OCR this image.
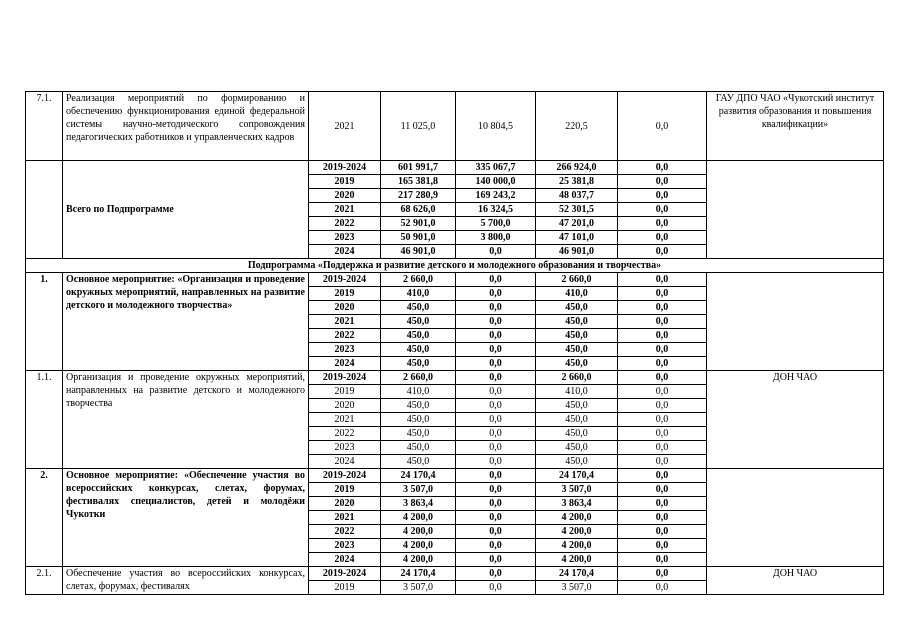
7.1.	Реализация мероприятий по формированию и обеспечению функционирования единой федеральной системы научно-методического сопровождения педагогических работников и управленческих кадров	2021	11 025,0	10 804,5	220,5	0,0	ГАУ ДПО ЧАО «Чукотский институт развития образования и повышения квалификации»
	Всего по Подпрограмме	2019-2024	601 991,7	335 067,7	266 924,0	0,0	
		2019	165 381,8	140 000,0	25 381,8	0,0	
		2020	217 280,9	169 243,2	48 037,7	0,0	
		2021	68 626,0	16 324,5	52 301,5	0,0	
		2022	52 901,0	5 700,0	47 201,0	0,0	
		2023	50 901,0	3 800,0	47 101,0	0,0	
		2024	46 901,0	0,0	46 901,0	0,0	
Подпрограмма «Поддержка и развитие детского и молодежного образования и творчества»							
1.	Основное мероприятие: «Организация и проведение окружных мероприятий, направленных на развитие детского и молодежного творчества»	2019-2024	2 660,0	0,0	2 660,0	0,0	
		2019	410,0	0,0	410,0	0,0	
		2020	450,0	0,0	450,0	0,0	
		2021	450,0	0,0	450,0	0,0	
		2022	450,0	0,0	450,0	0,0	
		2023	450,0	0,0	450,0	0,0	
		2024	450,0	0,0	450,0	0,0	
1.1.	Организация и проведение окружных мероприятий, направленных на развитие детского и молодежного творчества	2019-2024	2 660,0	0,0	2 660,0	0,0	ДОН ЧАО
		2019	410,0	0,0	410,0	0,0	
		2020	450,0	0,0	450,0	0,0	
		2021	450,0	0,0	450,0	0,0	
		2022	450,0	0,0	450,0	0,0	
		2023	450,0	0,0	450,0	0,0	
		2024	450,0	0,0	450,0	0,0	
2.	Основное мероприятие: «Обеспечение участия во всероссийских конкурсах, слетах, форумах, фестивалях специалистов, детей и молодёжи Чукотки	2019-2024	24 170,4	0,0	24 170,4	0,0	
		2019	3 507,0	0,0	3 507,0	0,0	
		2020	3 863,4	0,0	3 863,4	0,0	
		2021	4 200,0	0,0	4 200,0	0,0	
		2022	4 200,0	0,0	4 200,0	0,0	
		2023	4 200,0	0,0	4 200,0	0,0	
		2024	4 200,0	0,0	4 200,0	0,0	
2.1.	Обеспечение участия во всероссийских конкурсах, слетах, форумах, фестивалях	2019-2024	24 170,4	0,0	24 170,4	0,0	ДОН ЧАО
		2019	3 507,0	0,0	3 507,0	0,0	
